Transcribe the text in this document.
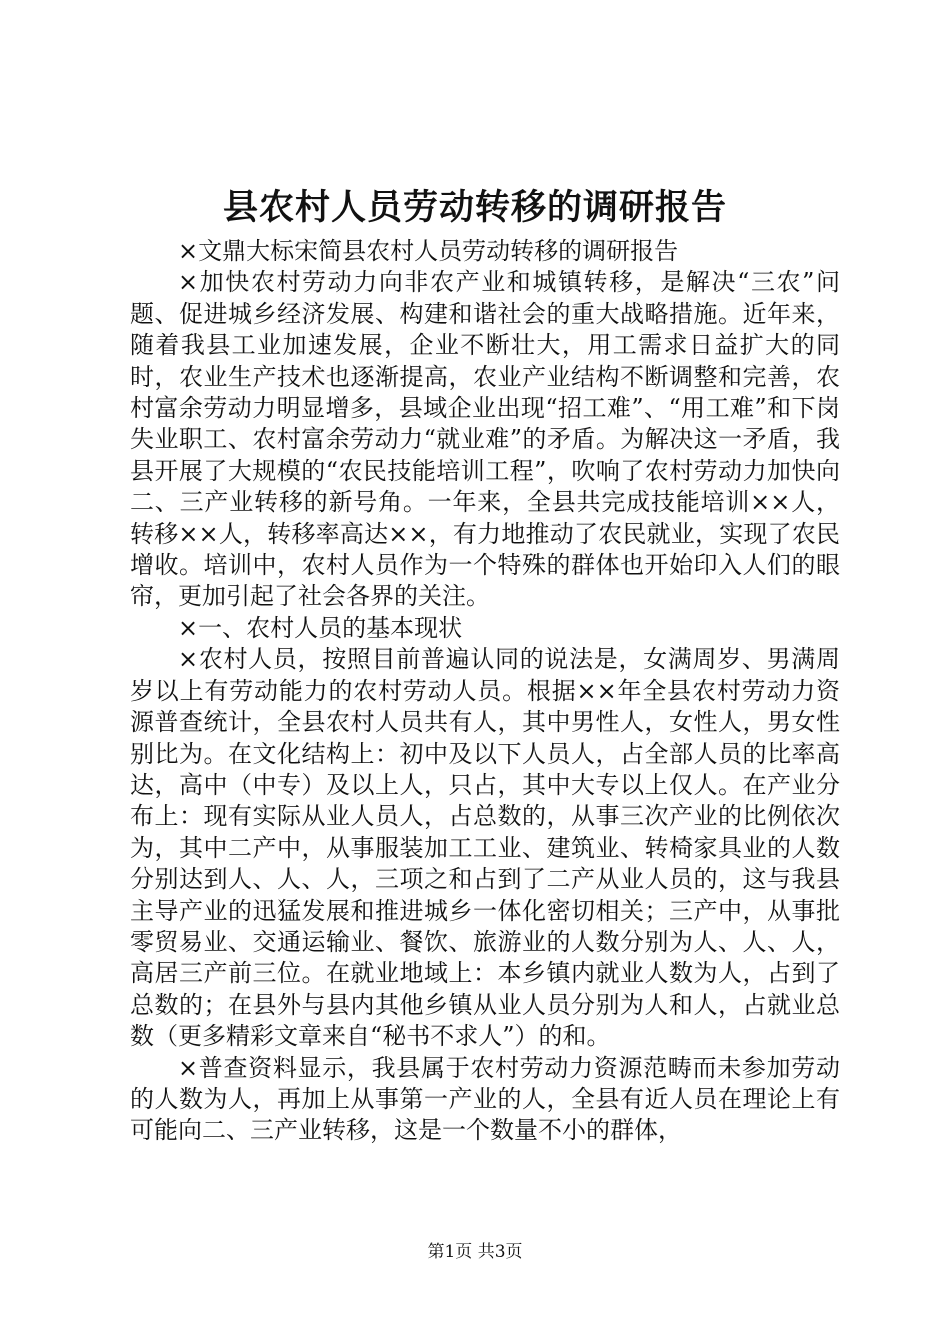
县农村人员劳动转移的调研报告

×文鼎大标宋简县农村人员劳动转移的调研报告

×加快农村劳动力向非农产业和城镇转移，是解决“三农”问题、促进城乡经济发展、构建和谐社会的重大战略措施。近年来，随着我县工业加速发展，企业不断壮大，用工需求日益扩大的同时，农业生产技术也逐渐提高，农业产业结构不断调整和完善，农村富余劳动力明显增多，县域企业出现“招工难”、“用工难”和下岗失业职工、农村富余劳动力“就业难”的矛盾。为解决这一矛盾，我县开展了大规模的“农民技能培训工程”，吹响了农村劳动力加快向二、三产业转移的新号角。一年来，全县共完成技能培训××人，转移××人，转移率高达××，有力地推动了农民就业，实现了农民增收。培训中，农村人员作为一个特殊的群体也开始印入人们的眼帘，更加引起了社会各界的关注。

×一、农村人员的基本现状

×农村人员，按照目前普遍认同的说法是，女满周岁、男满周岁以上有劳动能力的农村劳动人员。根据××年全县农村劳动力资源普查统计，全县农村人员共有人，其中男性人，女性人，男女性别比为。在文化结构上：初中及以下人员人，占全部人员的比率高达，高中（中专）及以上人，只占，其中大专以上仅人。在产业分布上：现有实际从业人员人，占总数的，从事三次产业的比例依次为，其中二产中，从事服装加工工业、建筑业、转椅家具业的人数分别达到人、人、人，三项之和占到了二产从业人员的，这与我县主导产业的迅猛发展和推进城乡一体化密切相关；三产中，从事批零贸易业、交通运输业、餐饮、旅游业的人数分别为人、人、人，高居三产前三位。在就业地域上：本乡镇内就业人数为人，占到了总数的；在县外与县内其他乡镇从业人员分别为人和人，占就业总数（更多精彩文章来自“秘书不求人”）的和。

×普查资料显示，我县属于农村劳动力资源范畴而未参加劳动的人数为人，再加上从事第一产业的人，全县有近人员在理论上有可能向二、三产业转移，这是一个数量不小的群体，

第1页 共3页
